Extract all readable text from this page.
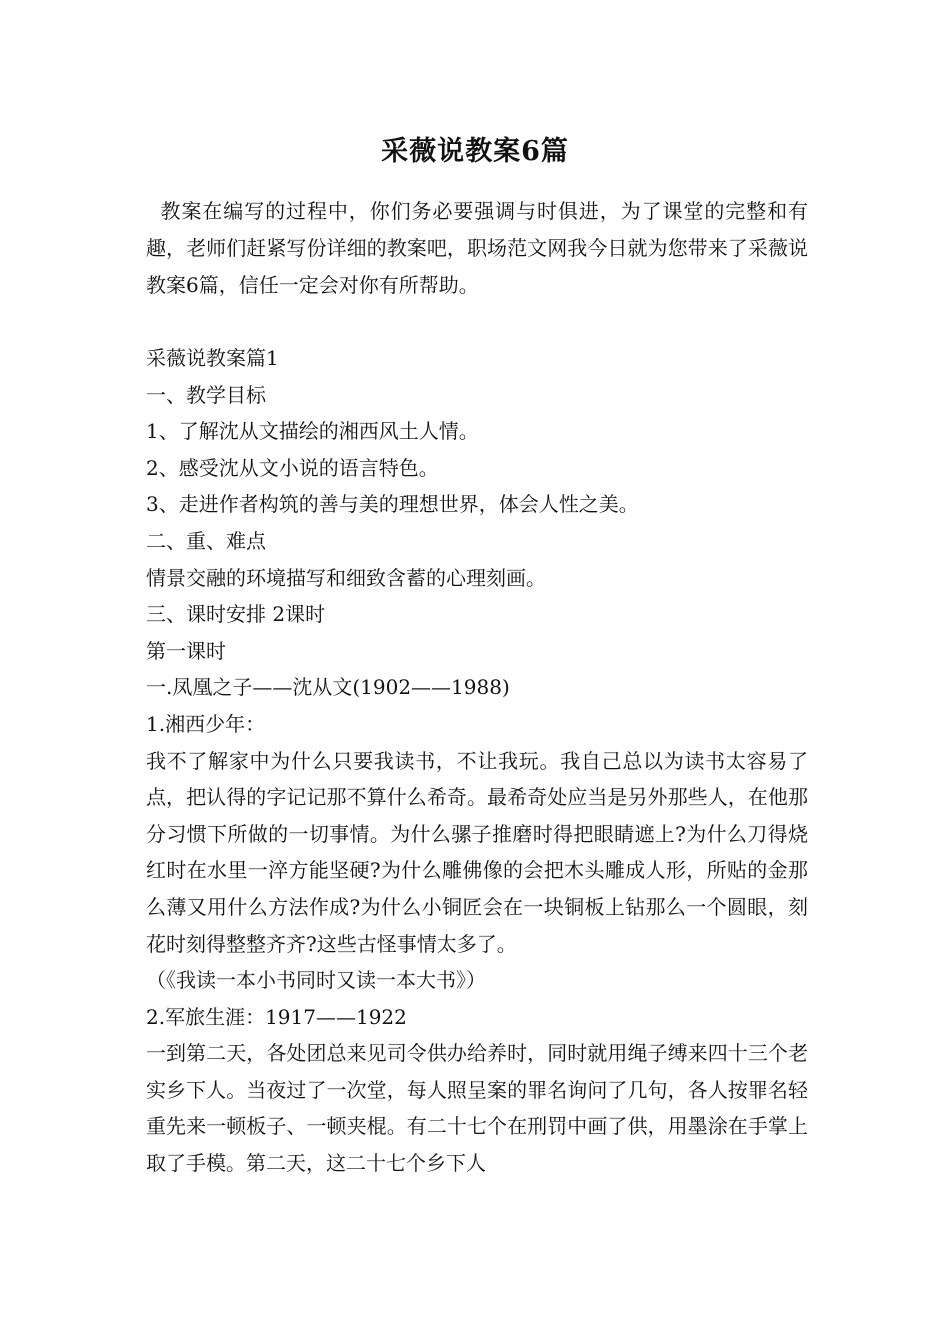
采薇说教案6篇
教案在编写的过程中，你们务必要强调与时俱进，为了课堂的完整和有趣，老师们赶紧写份详细的教案吧，职场范文网我今日就为您带来了采薇说教案6篇，信任一定会对你有所帮助。
采薇说教案篇1
一、教学目标
1、了解沈从文描绘的湘西风土人情。
2、感受沈从文小说的语言特色。
3、走进作者构筑的善与美的理想世界，体会人性之美。
二、重、难点
情景交融的环境描写和细致含蓄的心理刻画。
三、课时安排 2课时
第一课时
一.凤凰之子——沈从文(1902——1988)
1.湘西少年：
我不了解家中为什么只要我读书，不让我玩。我自己总以为读书太容易了点，把认得的字记记那不算什么希奇。最希奇处应当是另外那些人，在他那分习惯下所做的一切事情。为什么骡子推磨时得把眼睛遮上?为什么刀得烧红时在水里一淬方能坚硬?为什么雕佛像的会把木头雕成人形，所贴的金那么薄又用什么方法作成?为什么小铜匠会在一块铜板上钻那么一个圆眼，刻花时刻得整整齐齐?这些古怪事情太多了。
（《我读一本小书同时又读一本大书》）
2.军旅生涯：1917——1922
一到第二天，各处团总来见司令供办给养时，同时就用绳子缚来四十三个老实乡下人。当夜过了一次堂，每人照呈案的罪名询问了几句，各人按罪名轻重先来一顿板子、一顿夹棍。有二十七个在刑罚中画了供，用墨涂在手掌上取了手模。第二天，这二十七个乡下人
